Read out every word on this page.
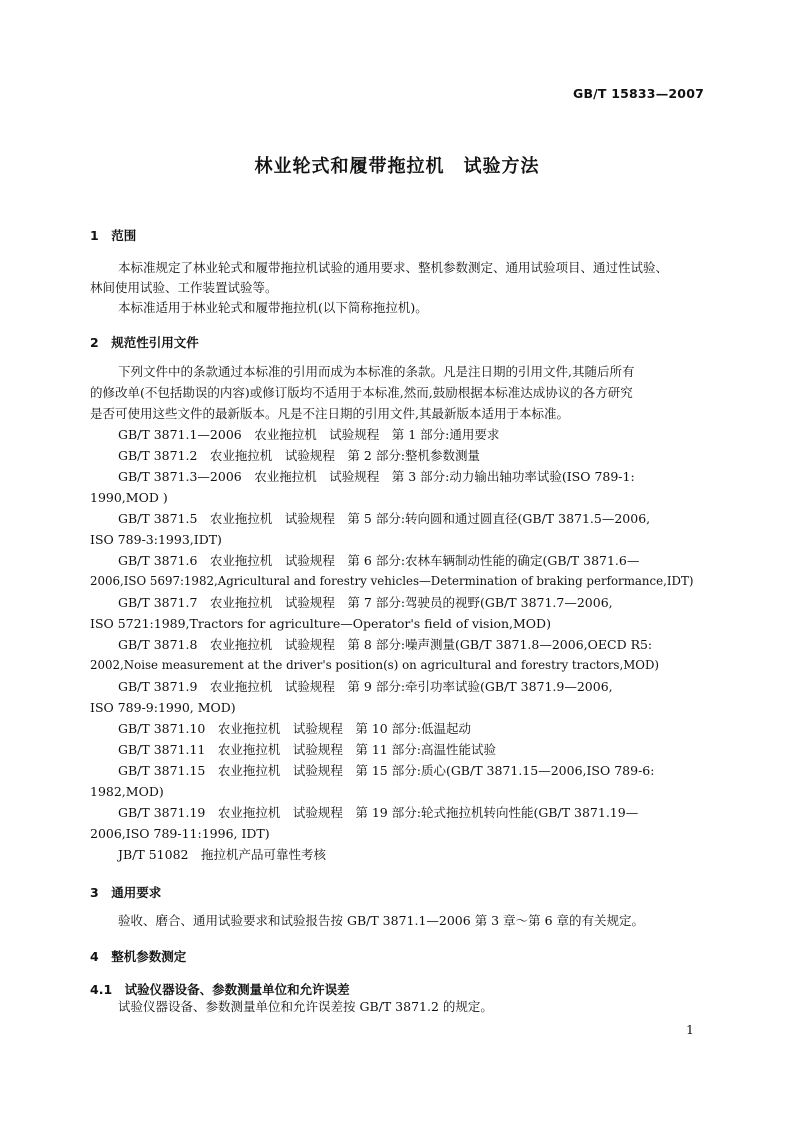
GB/T 15833—2007
林业轮式和履带拖拉机　试验方法
1　范围
本标准规定了林业轮式和履带拖拉机试验的通用要求、整机参数测定、通用试验项目、通过性试验、
林间使用试验、工作装置试验等。
本标准适用于林业轮式和履带拖拉机(以下简称拖拉机)。
2　规范性引用文件
下列文件中的条款通过本标准的引用而成为本标准的条款。凡是注日期的引用文件,其随后所有
的修改单(不包括勘误的内容)或修订版均不适用于本标准,然而,鼓励根据本标准达成协议的各方研究
是否可使用这些文件的最新版本。凡是不注日期的引用文件,其最新版本适用于本标准。
GB/T 3871.1—2006　农业拖拉机　试验规程　第 1 部分:通用要求
GB/T 3871.2　农业拖拉机　试验规程　第 2 部分:整机参数测量
GB/T 3871.3—2006　农业拖拉机　试验规程　第 3 部分:动力输出轴功率试验(ISO 789-1:
1990,MOD )
GB/T 3871.5　农业拖拉机　试验规程　第 5 部分:转向圆和通过圆直径(GB/T 3871.5—2006,
ISO 789-3:1993,IDT)
GB/T 3871.6　农业拖拉机　试验规程　第 6 部分:农林车辆制动性能的确定(GB/T 3871.6—
2006,ISO 5697:1982,Agricultural and forestry vehicles—Determination of braking performance,IDT)
GB/T 3871.7　农业拖拉机　试验规程　第 7 部分:驾驶员的视野(GB/T 3871.7—2006,
ISO 5721:1989,Tractors for agriculture—Operator's field of vision,MOD)
GB/T 3871.8　农业拖拉机　试验规程　第 8 部分:噪声测量(GB/T 3871.8—2006,OECD R5:
2002,Noise measurement at the driver's position(s) on agricultural and forestry tractors,MOD)
GB/T 3871.9　农业拖拉机　试验规程　第 9 部分:牵引功率试验(GB/T 3871.9—2006,
ISO 789-9:1990, MOD)
GB/T 3871.10　农业拖拉机　试验规程　第 10 部分:低温起动
GB/T 3871.11　农业拖拉机　试验规程　第 11 部分:高温性能试验
GB/T 3871.15　农业拖拉机　试验规程　第 15 部分:质心(GB/T 3871.15—2006,ISO 789-6:
1982,MOD)
GB/T 3871.19　农业拖拉机　试验规程　第 19 部分:轮式拖拉机转向性能(GB/T 3871.19—
2006,ISO 789-11:1996, IDT)
JB/T 51082　拖拉机产品可靠性考核
3　通用要求
验收、磨合、通用试验要求和试验报告按 GB/T 3871.1—2006 第 3 章～第 6 章的有关规定。
4　整机参数测定
4.1　试验仪器设备、参数测量单位和允许误差
试验仪器设备、参数测量单位和允许误差按 GB/T 3871.2 的规定。
1
